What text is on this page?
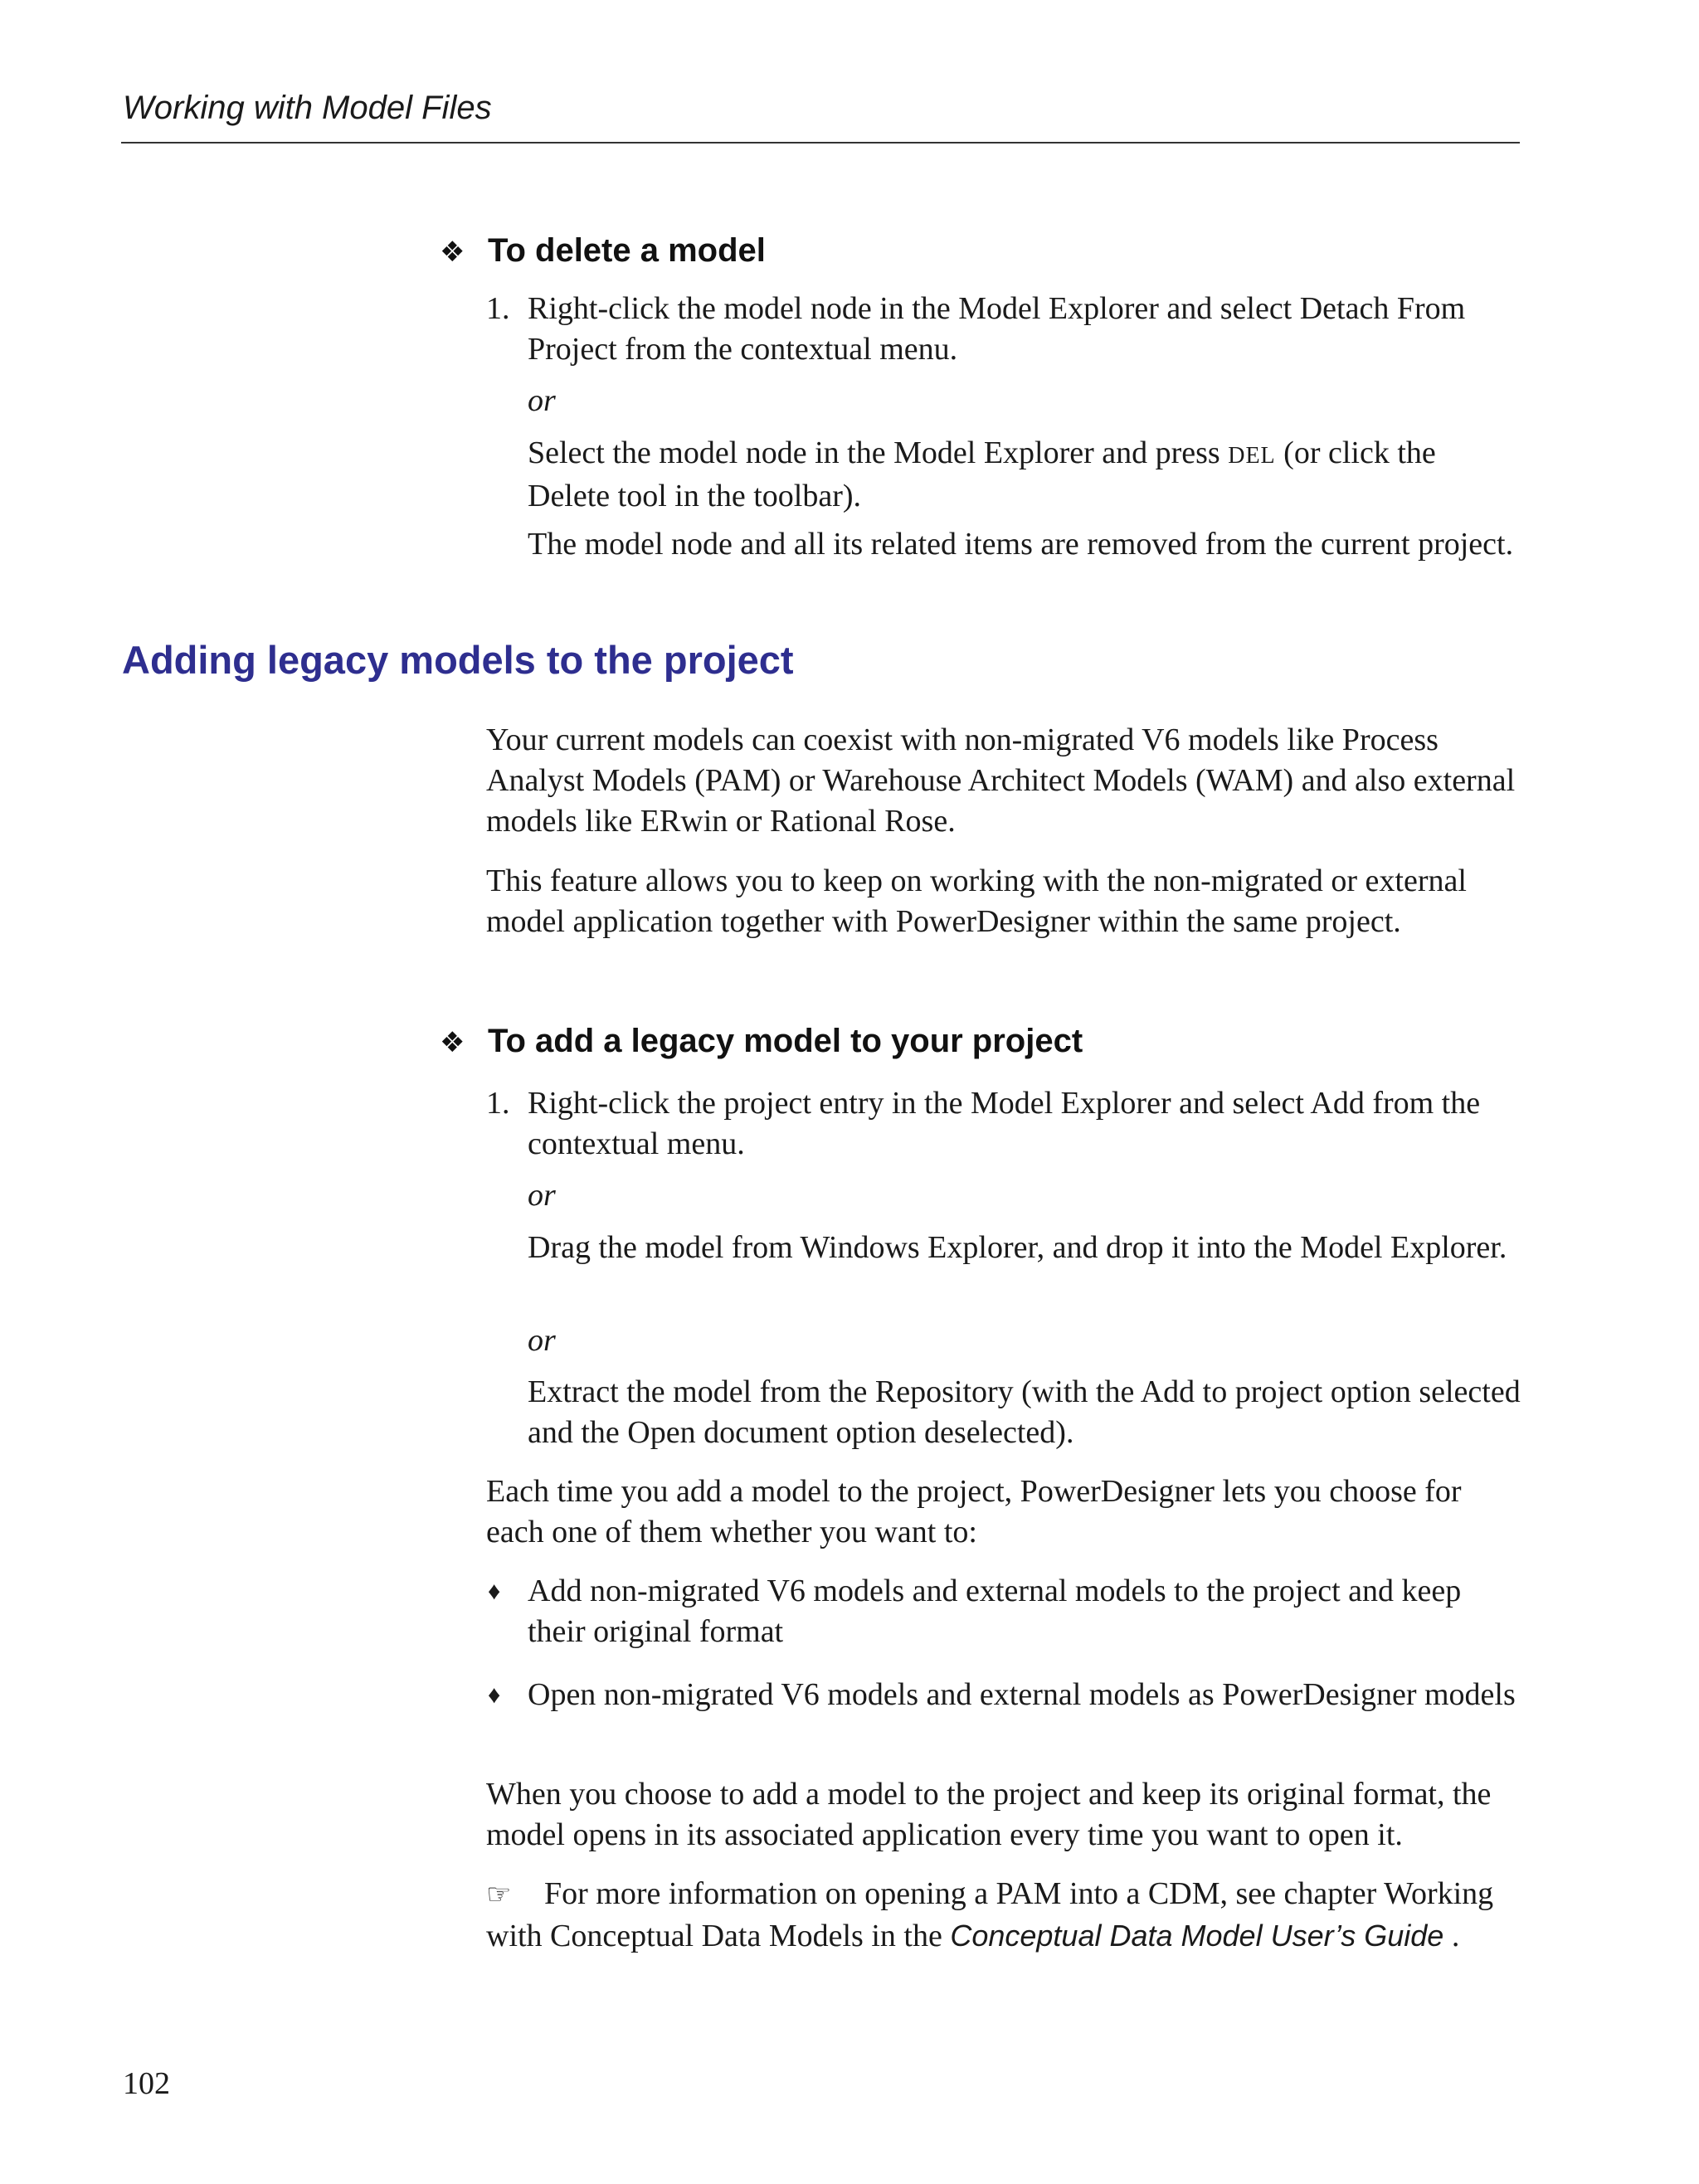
Working with Model Files
❖ To delete a model
1. Right-click the model node in the Model Explorer and select Detach From Project from the contextual menu.

or

Select the model node in the Model Explorer and press DEL (or click the Delete tool in the toolbar).

The model node and all its related items are removed from the current project.

Adding legacy models to the project

Your current models can coexist with non-migrated V6 models like Process Analyst Models (PAM) or Warehouse Architect Models (WAM) and also external models like ERwin or Rational Rose.

This feature allows you to keep on working with the non-migrated or external model application together with PowerDesigner within the same project.

❖ To add a legacy model to your project
1. Right-click the project entry in the Model Explorer and select Add from the contextual menu.

or

Drag the model from Windows Explorer, and drop it into the Model Explorer.

or

Extract the model from the Repository (with the Add to project option selected and the Open document option deselected).

Each time you add a model to the project, PowerDesigner lets you choose for each one of them whether you want to:

♦ Add non-migrated V6 models and external models to the project and keep their original format

♦ Open non-migrated V6 models and external models as PowerDesigner models

When you choose to add a model to the project and keep its original format, the model opens in its associated application every time you want to open it.

☞ For more information on opening a PAM into a CDM, see chapter Working with Conceptual Data Models in the Conceptual Data Model User’s Guide .

102
